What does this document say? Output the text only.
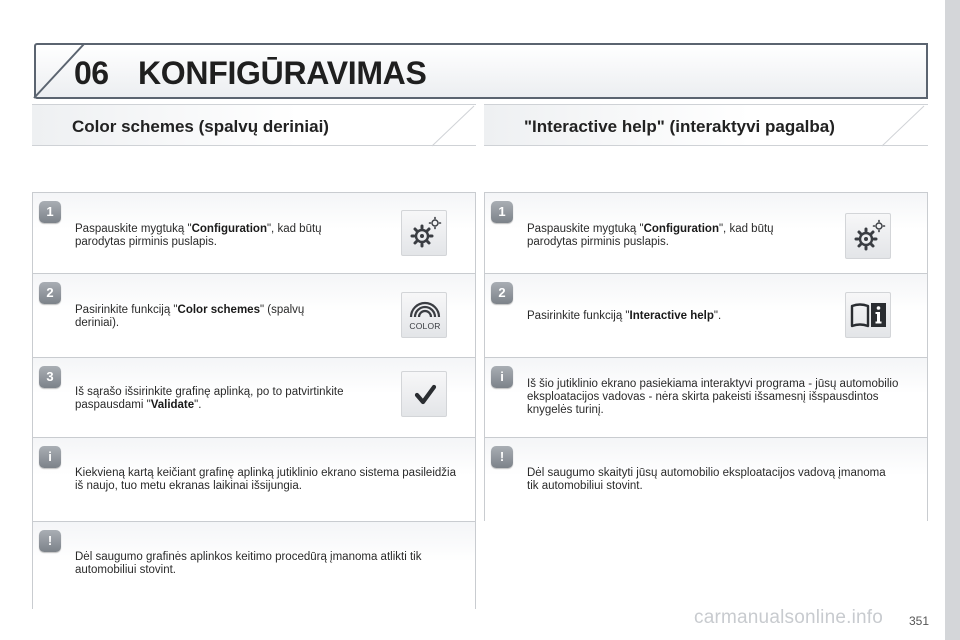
06 KONFIGŪRAVIMAS
Color schemes (spalvų deriniai)	"Interactive help" (interaktyvi pagalba)
1
Paspauskite mygtuką "Configuration", kad būtų parodytas pirminis puslapis.
2
Pasirinkite funkciją "Color schemes" (spalvų deriniai).	COLOR
3
Iš sąrašo išsirinkite grafinę aplinką, po to patvirtinkite paspausdami "Validate".
i
Kiekvieną kartą keičiant grafinę aplinką jutiklinio ekrano sistema pasileidžia iš naujo, tuo metu ekranas laikinai išsijungia.
!
Dėl saugumo grafinės aplinkos keitimo procedūrą įmanoma atlikti tik automobiliui stovint.
1
Paspauskite mygtuką "Configuration", kad būtų parodytas pirminis puslapis.
2
Pasirinkite funkciją "Interactive help".
i	Iš šio jutiklinio ekrano pasiekiama interaktyvi programa - jūsų automobilio eksploatacijos vadovas - nėra skirta pakeisti išsamesnį išspausdintos knygelės turinį.
!
Dėl saugumo skaityti jūsų automobilio eksploatacijos vadovą įmanoma tik automobiliui stovint.
carmanualsonline.info 351
